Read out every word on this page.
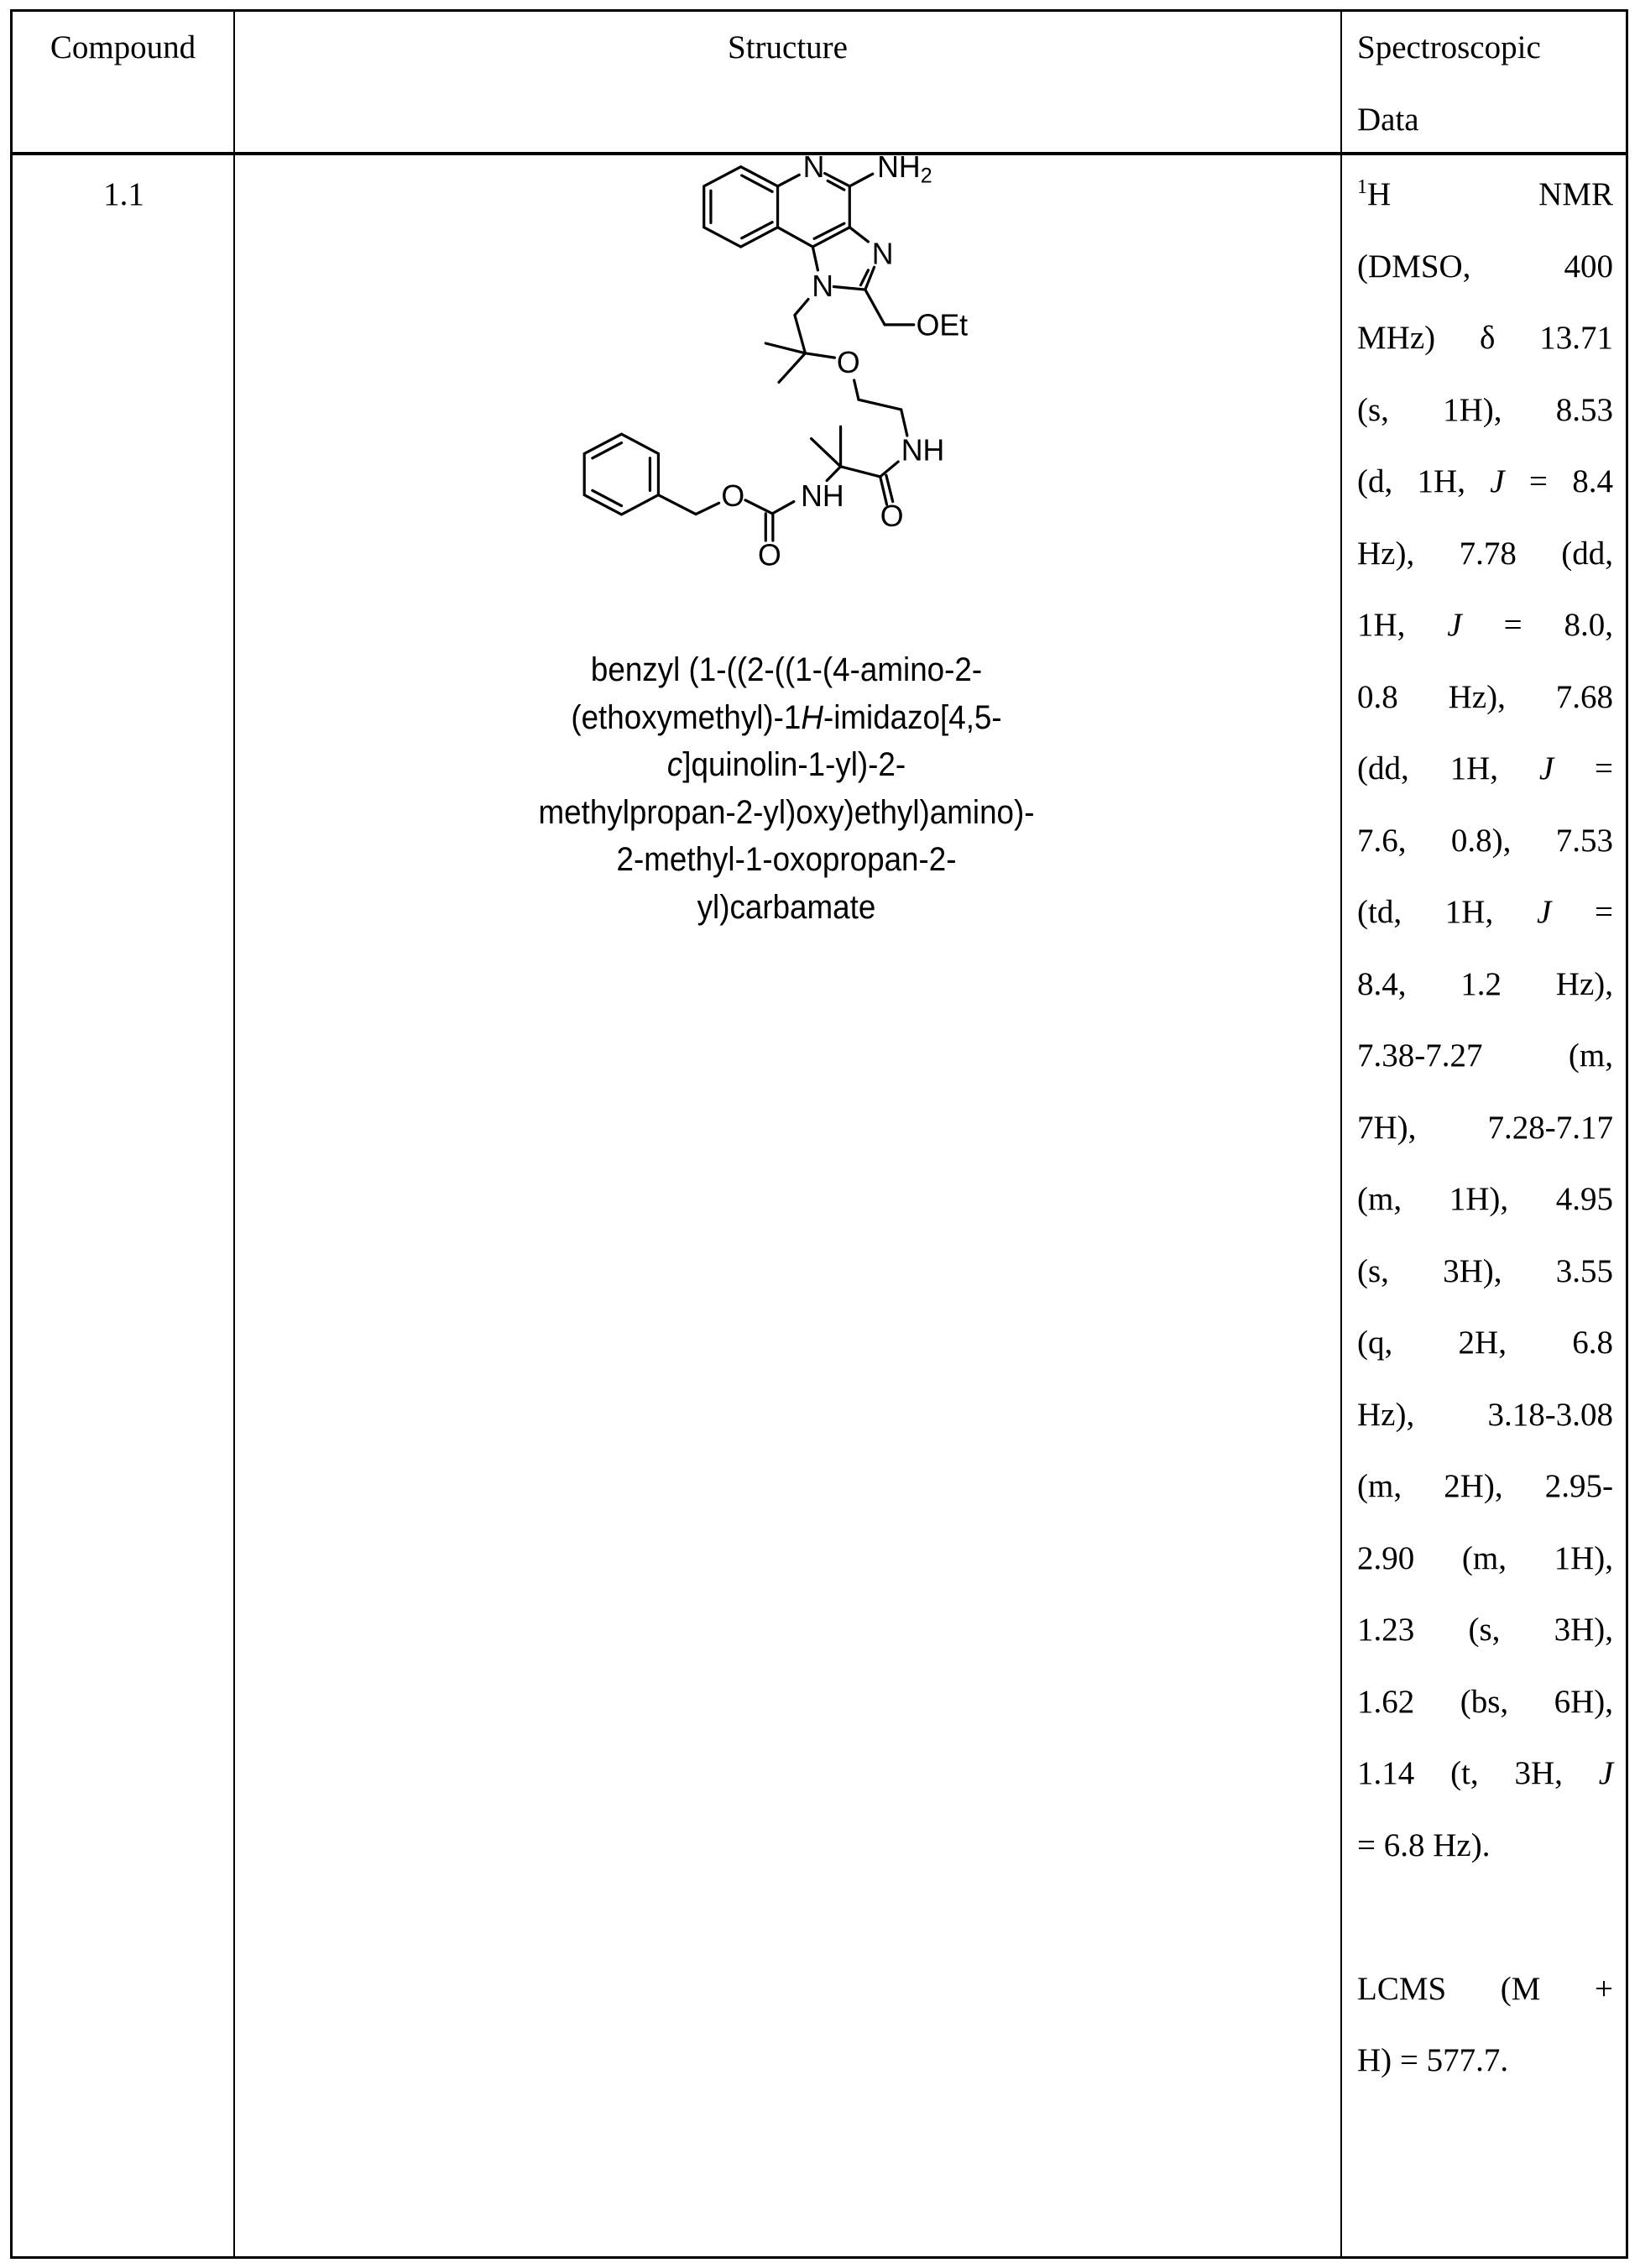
Compound	Structure	Spectroscopic
Data
1.1	1H NMR
(DMSO, 400
MHz) δ 13.71
(s, 1H), 8.53
(d, 1H, J = 8.4
Hz), 7.78 (dd,
1H, J = 8.0,
0.8 Hz), 7.68
(dd, 1H, J =
7.6, 0.8), 7.53
(td, 1H, J =
8.4, 1.2 Hz),
7.38-7.27 (m,
7H), 7.28-7.17
(m, 1H), 4.95
(s, 3H), 3.55
(q, 2H, 6.8
Hz), 3.18-3.08
(m, 2H), 2.95-
2.90 (m, 1H),
1.23 (s, 3H),
1.62 (bs, 6H),
1.14 (t, 3H, J
= 6.8 Hz).
LCMS (M +
H) = 577.7.
N NH2
N
N
OEt
O
NH
O
NH
O
O
benzyl (1-((2-((1-(4-amino-2-
(ethoxymethyl)-1H-imidazo[4,5-
c]quinolin-1-yl)-2-
methylpropan-2-yl)oxy)ethyl)amino)-
2-methyl-1-oxopropan-2-
yl)carbamate
